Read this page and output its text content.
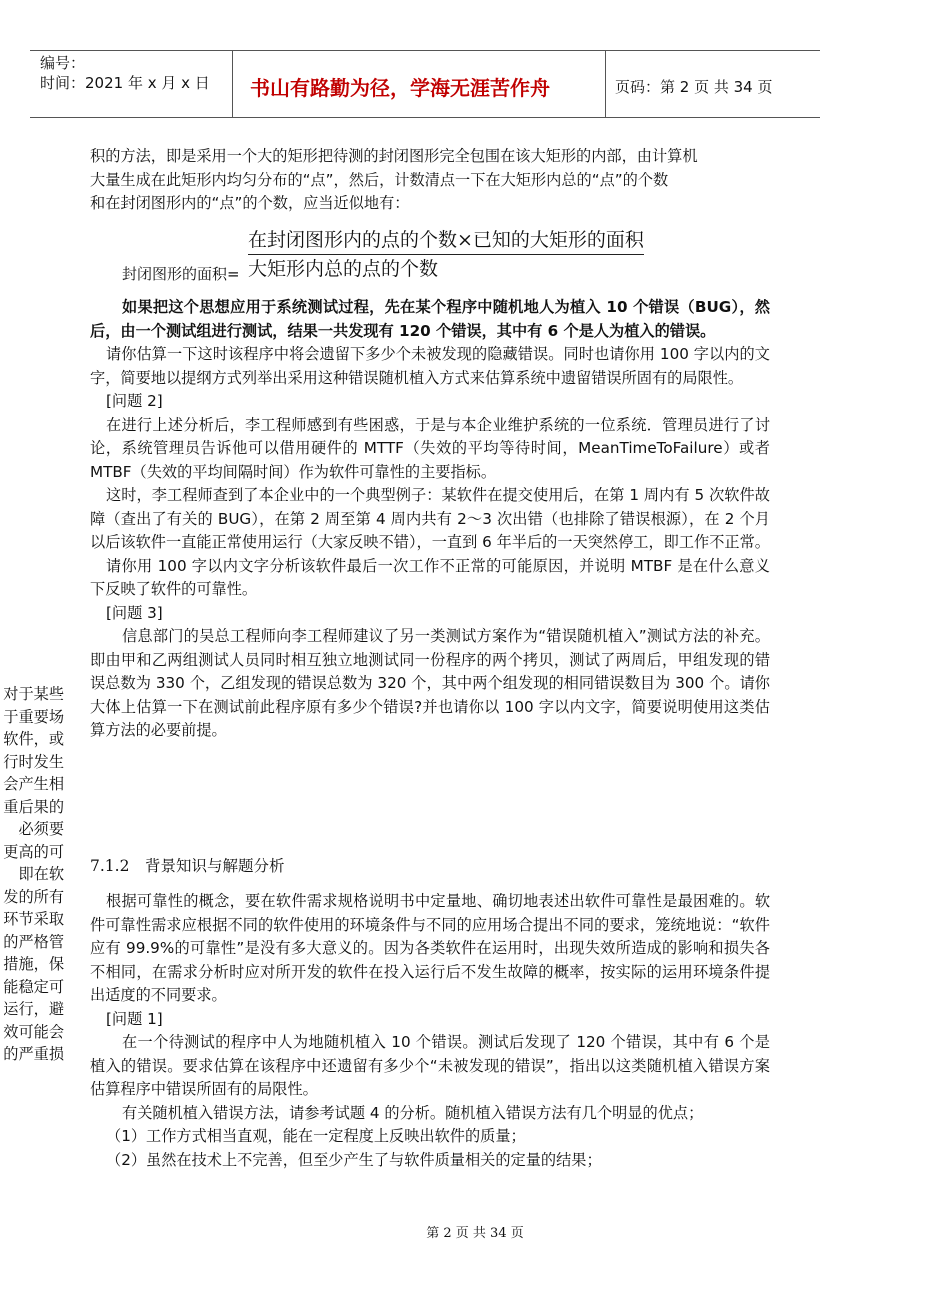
编号：
时间：2021 年 x 月 x 日 书山有路勤为径，学海无涯苦作舟	页码：第 2 页 共 34 页
积的方法，即是采用一个大的矩形把待测的封闭图形完全包围在该大矩形的内部，由计算机
大量生成在此矩形内均匀分布的“点”，然后，计数清点一下在大矩形内总的“点”的个数
和在封闭图形内的“点”的个数，应当近似地有：
在封闭图形内的点的个数×已知的大矩形的面积
大矩形内总的点的个数
封闭图形的面积=

如果把这个思想应用于系统测试过程，先在某个程序中随机地人为植入 10 个错误（BUG），然后，由一个测试组进行测试，结果一共发现有 120 个错误，其中有 6 个是人为植入的错误。

请你估算一下这时该程序中将会遗留下多少个未被发现的隐藏错误。同时也请你用 100 字以内的文字，简要地以提纲方式列举出采用这种错误随机植入方式来估算系统中遗留错误所固有的局限性。

[问题 2]

在进行上述分析后，李工程师感到有些困惑，于是与本企业维护系统的一位系统．管理员进行了讨论，系统管理员告诉他可以借用硬件的 MTTF（失效的平均等待时间，MeanTimeToFailure）或者 MTBF（失效的平均间隔时间）作为软件可靠性的主要指标。

这时，李工程师查到了本企业中的一个典型例子：某软件在提交使用后，在第 1 周内有 5 次软件故障（查出了有关的 BUG），在第 2 周至第 4 周内共有 2～3 次出错（也排除了错误根源），在 2 个月以后该软件一直能正常使用运行（大家反映不错），一直到 6 年半后的一天突然停工，即工作不正常。

请你用 100 字以内文字分析该软件最后一次工作不正常的可能原因，并说明 MTBF 是在什么意义下反映了软件的可靠性。

[问题 3]

信息部门的吴总工程师向李工程师建议了另一类测试方案作为“错误随机植入”测试方法的补充。即由甲和乙两组测试人员同时相互独立地测试同一份程序的两个拷贝，测试了两周后，甲组发现的错误总数为 330 个，乙组发现的错误总数为 320 个，其中两个组发现的相同错误数目为 300 个。请你大体上估算一下在测试前此程序原有多少个错误?并也请你以 100 字以内文字，简要说明使用这类估算方法的必要前提。

7.1.2　背景知识与解题分析

根据可靠性的概念，要在软件需求规格说明书中定量地、确切地表述出软件可靠性是最困难的。软件可靠性需求应根据不同的软件使用的环境条件与不同的应用场合提出不同的要求，笼统地说：“软件应有 99.9%的可靠性”是没有多大意义的。因为各类软件在运用时，出现失效所造成的影响和损失各不相同，在需求分析时应对所开发的软件在投入运行后不发生故障的概率，按实际的运用环境条件提出适度的不同要求。

[问题 1]

在一个待测试的程序中人为地随机植入 10 个错误。测试后发现了 120 个错误，其中有 6 个是植入的错误。要求估算在该程序中还遗留有多少个“未被发现的错误”，指出以这类随机植入错误方案估算程序中错误所固有的局限性。

有关随机植入错误方法，请参考试题 4 的分析。随机植入错误方法有几个明显的优点；

（1）工作方式相当直观，能在一定程度上反映出软件的质量；

（2）虽然在技术上不完善，但至少产生了与软件质量相关的定量的结果；

对于某些
于重要场
软件，或
行时发生
会产生相
重后果的
必须要
更高的可
即在软
发的所有
环节采取
的严格管
措施，保
能稳定可
运行，避
效可能会
的严重损
第 2 页 共 34 页
